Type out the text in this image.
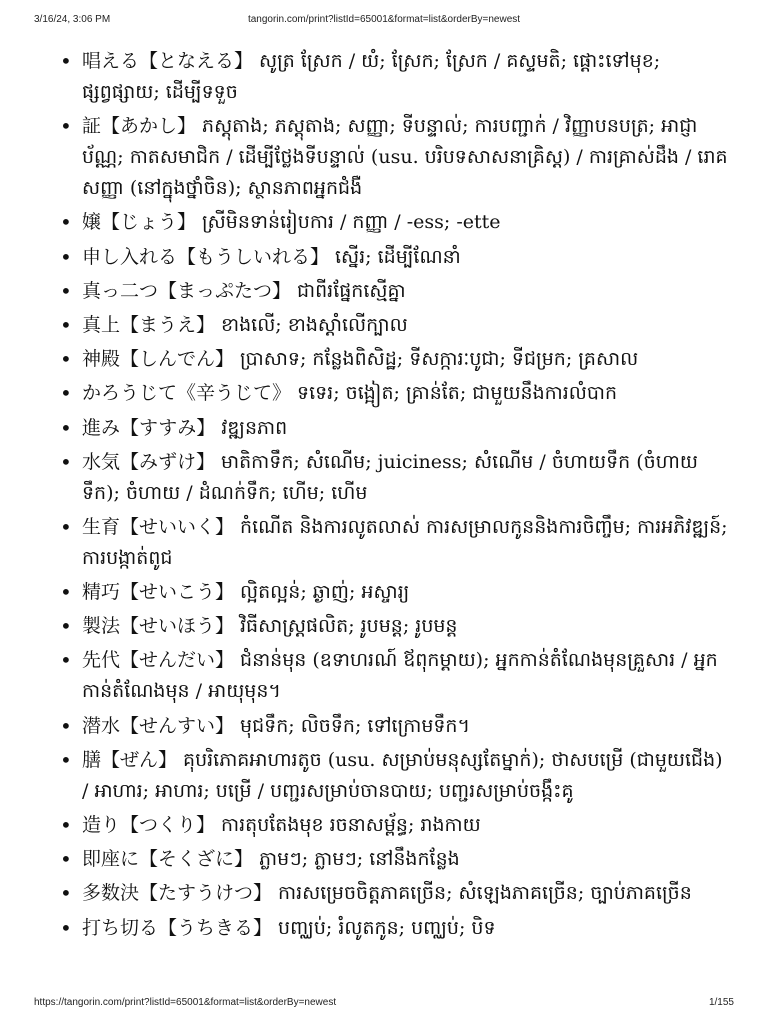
3/16/24, 3:06 PM	tangorin.com/print?listId=65001&format=list&orderBy=newest
• 唱える【となえる】 សូត្រ ស្រែក / យំ; ស្រែក; ស្រែក / គស្ទមតិ; ផ្ដោះទៅមុខ; ផ្សព្វផ្សាយ; ដើម្បីទទួច
• 証【あかし】 ភស្តុតាង; ភស្តុតាង; សញ្ញា; ទីបន្ទាល់; ការបញ្ជាក់ / វិញ្ញាបនបត្រ; អាជ្ញាប័ណ្ណ; កាតសមាជិក / ដើម្បីថ្លែងទីបន្ទាល់ (usu. បរិបទសាសនាគ្រិស្ត) / ការគ្រាស់ដឹង / រោគសញ្ញា (នៅក្នុងថ្នាំចិន); ស្ថានភាពអ្នកជំងឺ
• 嬢【じょう】 ស្រីមិនទាន់រៀបការ / កញ្ញា / -ess; -ette
• 申し入れる【もうしいれる】 ស្នើរ; ដើម្បីណែនាំ
• 真っ二つ【まっぷたつ】 ជាពីរផ្នែកស្មើគ្នា
• 真上【まうえ】 ខាងលើ; ខាងស្ដាំលើក្បាល
• 神殿【しんでん】 ប្រាសាទ; កន្លែងពិសិដ្ឋ; ទីសក្ការៈបូជា; ទីជម្រក; គ្រសាល
• かろうじて《辛うじて》 ទទេរ; ចង្អៀត; គ្រាន់តែ; ជាមួយនឹងការលំបាក
• 進み【すすみ】 វឌ្ឍនភាព
• 水気【みずけ】 មាតិកាទឹក; សំណើម; juiciness; សំណើម / ចំហាយទឹក (ចំហាយទឹក); ចំហាយ / ដំណក់ទឹក; ហើម; ហើម
• 生育【せいいく】 កំណើត និងការលូតលាស់ ការសម្រាលកូននិងការចិញ្ចឹម; ការអភិវឌ្ឍន៍; ការបង្កាត់ពូជ
• 精巧【せいこう】 ល្អិតល្អន់; ឆ្ងាញ់; អស្ចារ្យ
• 製法【せいほう】 វិធីសាស្រ្តផលិត; រូបមន្ត; រូបមន្ត
• 先代【せんだい】 ជំនាន់មុន (ឧទាហរណ៍ ឪពុកម្ដាយ); អ្នកកាន់តំណែងមុនគ្រួសារ / អ្នកកាន់តំណែងមុន / អាយុមុន។
• 潜水【せんすい】 មុជទឹក; លិចទឹក; ទៅក្រោមទឹក។
• 膳【ぜん】 គុបរិភោគអាហារតូច (usu. សម្រាប់មនុស្សតែម្នាក់); ថាសបម្រើ (ជាមួយជើង) / អាហារ; អាហារ; បម្រើ / បញ្ជរសម្រាប់ចានបាយ; បញ្ជរសម្រាប់ចង្កឹះគូ
• 造り【つくり】 ការតុបតែងមុខ រចនាសម្ព័ន្ធ; រាងកាយ
• 即座に【そくざに】 ភ្លាមៗ; ភ្លាមៗ; នៅនឹងកន្លែង
• 多数決【たすうけつ】 ការសម្រេចចិត្តភាគច្រើន; សំឡេងភាគច្រើន; ច្បាប់ភាគច្រើន
• 打ち切る【うちきる】 បញ្ឈប់; រំលូតកូន; បញ្ឈប់; បិទ
https://tangorin.com/print?listId=65001&format=list&orderBy=newest	1/155
